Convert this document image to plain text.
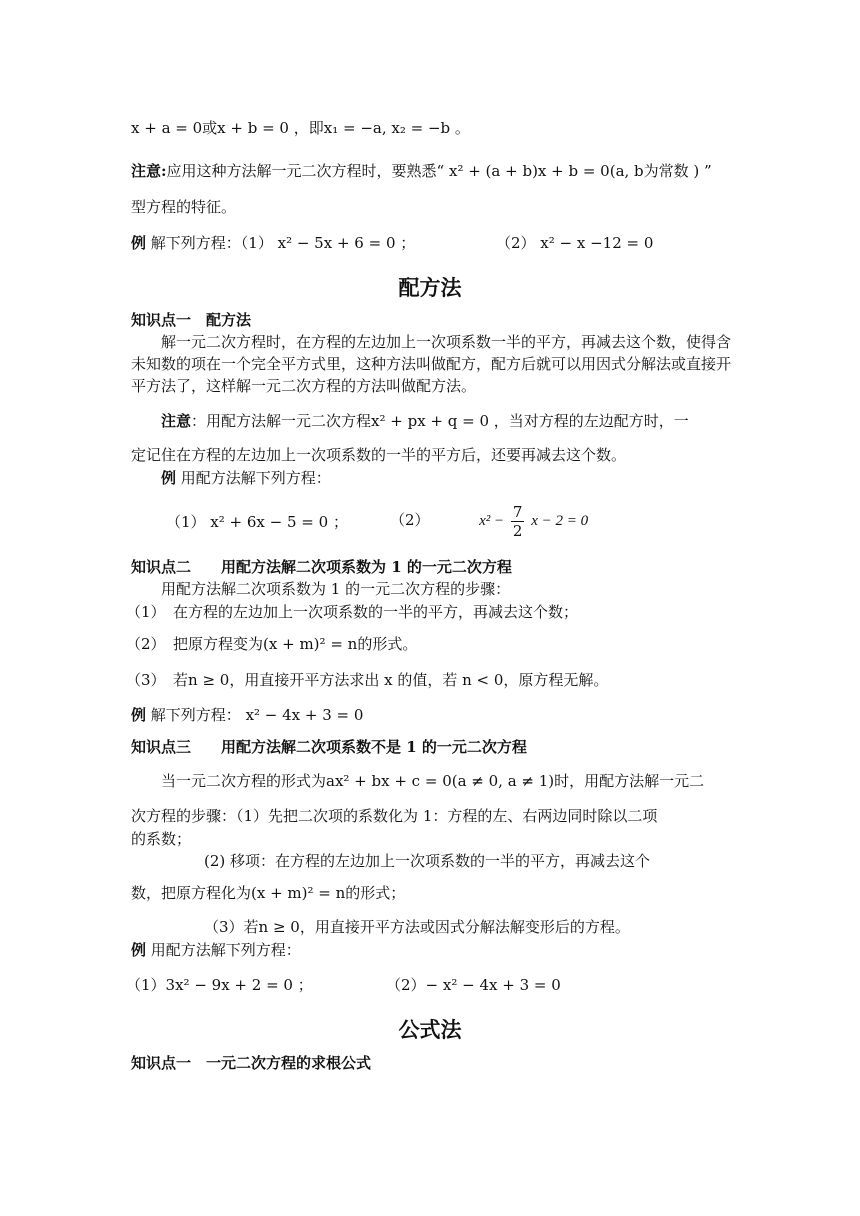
x + a = 0或x + b = 0 ，即x₁ = −a, x₂ = −b 。
注意:应用这种方法解一元二次方程时，要熟悉“ x² + (a + b)x + b = 0(a, b为常数 ) ”
型方程的特征。
例 解下列方程：（1） x² − 5x + 6 = 0 ；	（2） x² − x −12 = 0
配方法
知识点一　配方法
解一元二次方程时，在方程的左边加上一次项系数一半的平方，再减去这个数，使得含未知数的项在一个完全平方式里，这种方法叫做配方，配方后就可以用因式分解法或直接开平方法了，这样解一元二次方程的方法叫做配方法。
注意：用配方法解一元二次方程x² + px + q = 0 ，当对方程的左边配方时，一
定记住在方程的左边加上一次项系数的一半的平方后，还要再减去这个数。
例 用配方法解下列方程：
（1） x² + 6x − 5 = 0 ；	（2）	$x^2 - \frac{7}{2}$ x − 2 = 0
知识点二　　用配方法解二次项系数为 1 的一元二次方程
用配方法解二次项系数为 1 的一元二次方程的步骤：
（1）　在方程的左边加上一次项系数的一半的平方，再减去这个数；
（2）　把原方程变为(x + m)² = n的形式。
（3）　若n ≥ 0，用直接开平方法求出 x 的值，若 n < 0，原方程无解。
例 解下列方程： x² − 4x + 3 = 0
知识点三　　用配方法解二次项系数不是 1 的一元二次方程
当一元二次方程的形式为ax² + bx + c = 0(a ≠ 0, a ≠ 1)时，用配方法解一元二
次方程的步骤：（1）先把二次项的系数化为 1：方程的左、右两边同时除以二项
的系数；
(2) 移项：在方程的左边加上一次项系数的一半的平方，再减去这个
数，把原方程化为(x + m)² = n的形式；
（3）若n ≥ 0，用直接开平方法或因式分解法解变形后的方程。
例 用配方法解下列方程：
（1）3x² − 9x + 2 = 0 ；	（2）− x² − 4x + 3 = 0
公式法
知识点一　一元二次方程的求根公式
